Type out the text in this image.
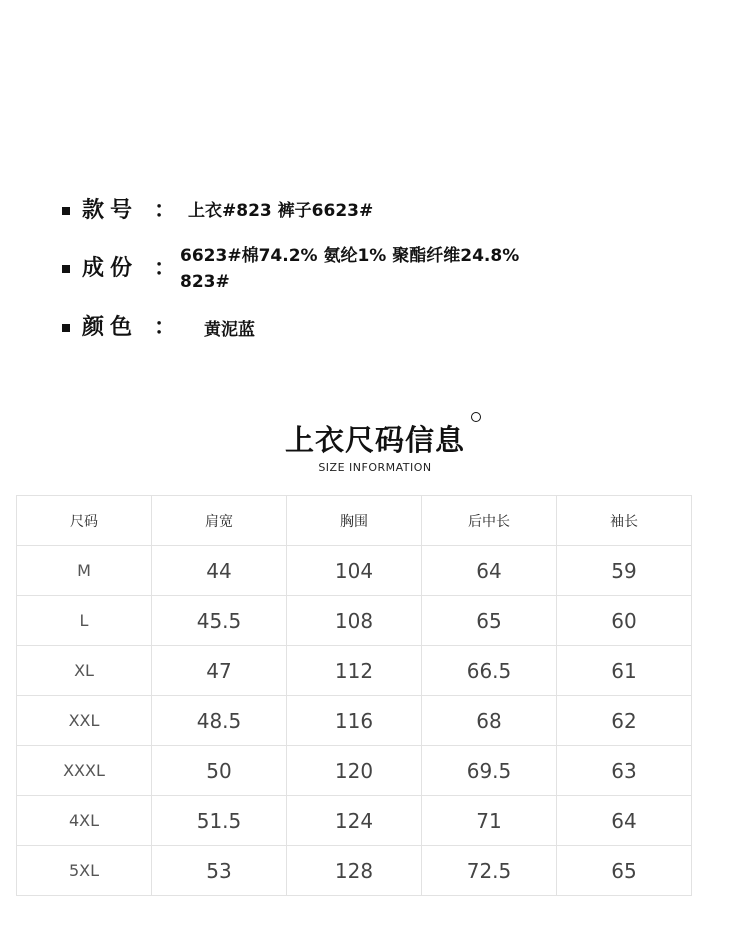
款号 ： 上衣#823 裤子6623#
成份 ： 6623#棉74.2% 氨纶1% 聚酯纤维24.8%
823#
颜色 ： 黄泥蓝
上衣尺码信息
SIZE INFORMATION
尺码	肩宽	胸围	后中长	袖长
M	44	104	64	59
L	45.5	108	65	60
XL	47	112	66.5	61
XXL	48.5	116	68	62
XXXL	50	120	69.5	63
4XL	51.5	124	71	64
5XL	53	128	72.5	65
